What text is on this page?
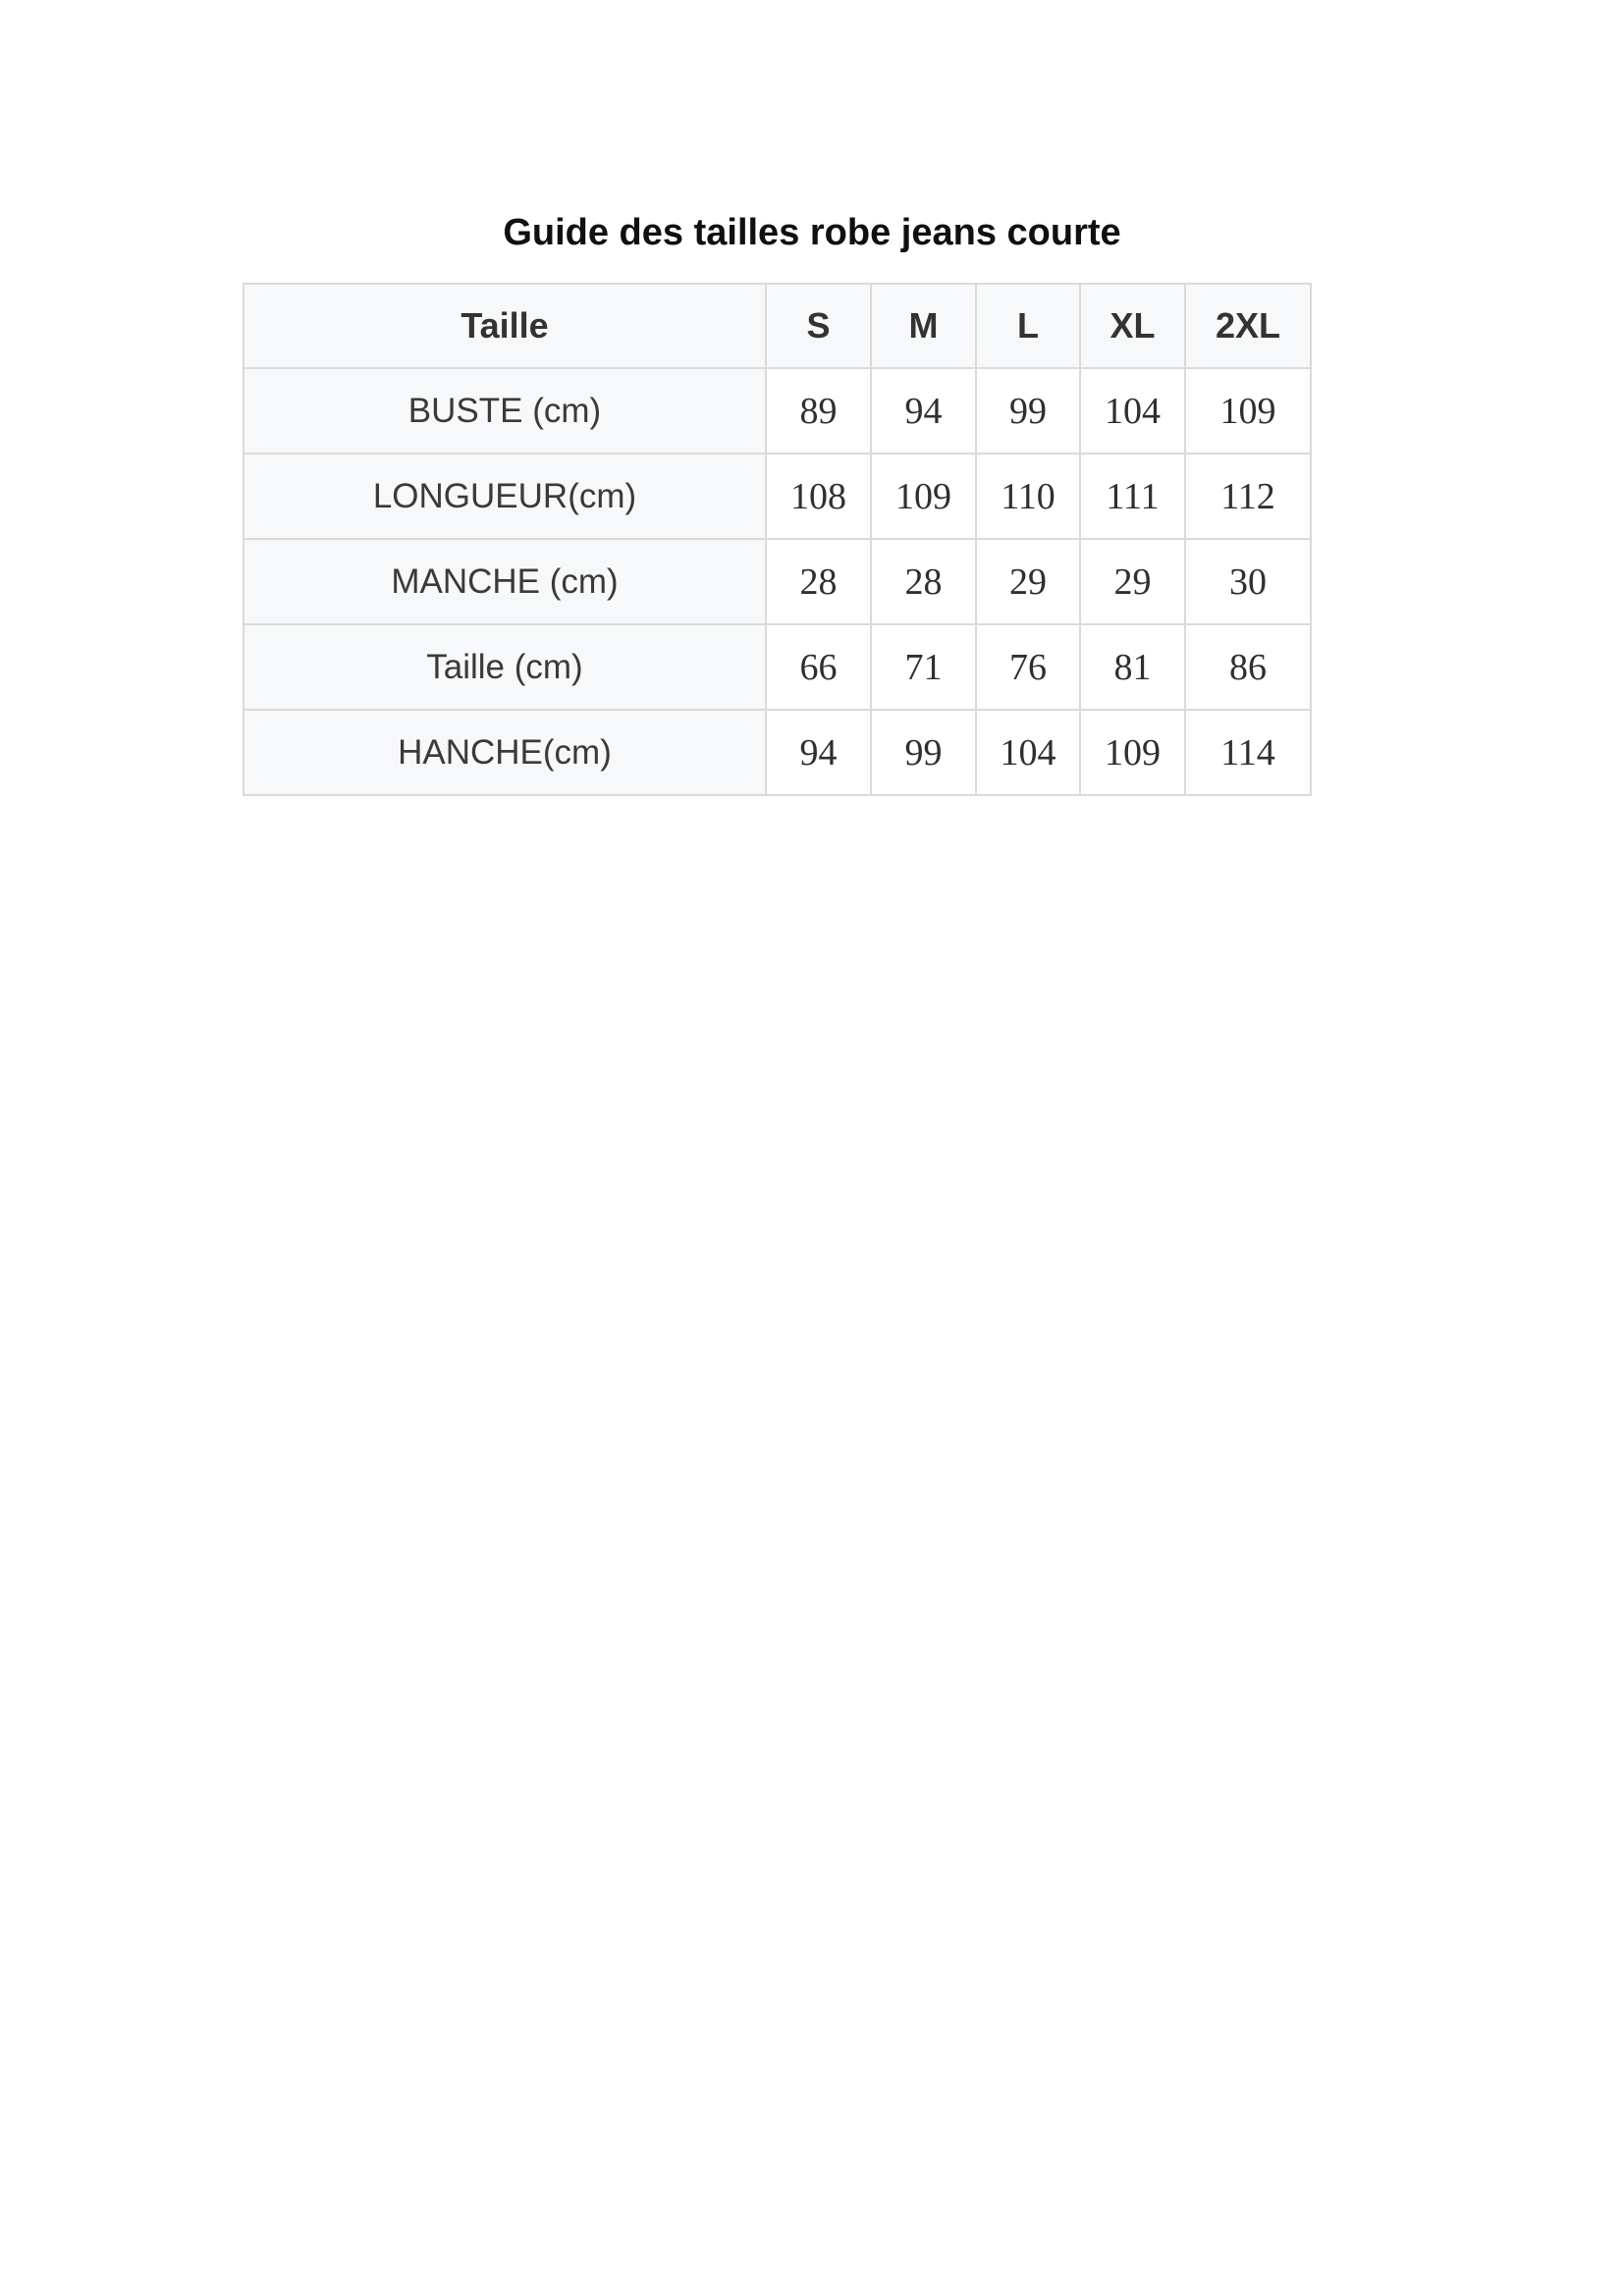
Guide des tailles robe jeans courte
Taille	S	M	L	XL	2XL
BUSTE (cm)	89	94	99	104	109
LONGUEUR(cm)	108	109	110	111	112
MANCHE (cm)	28	28	29	29	30
Taille (cm)	66	71	76	81	86
HANCHE(cm)	94	99	104	109	114
